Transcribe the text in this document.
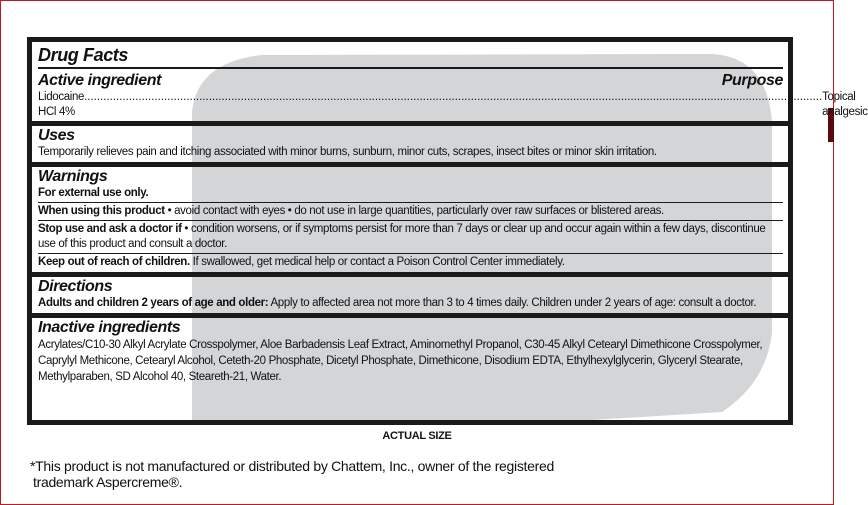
Drug Facts
Active ingredient	Purpose
Lidocaine HCl 4%
....................................................................................................................................................................................................................................... Topical analgesic
Uses
Temporarily relieves pain and itching associated with minor burns, sunburn, minor cuts, scrapes, insect bites or minor skin irritation.
Warnings
For external use only.
When using this product • avoid contact with eyes • do not use in large quantities, particularly over raw surfaces or blistered areas.
Stop use and ask a doctor if • condition worsens, or if symptoms persist for more than 7 days or clear up and occur again within a few days, discontinue use of this product and consult a doctor.
Keep out of reach of children. If swallowed, get medical help or contact a Poison Control Center immediately.
Directions
Adults and children 2 years of age and older: Apply to affected area not more than 3 to 4 times daily. Children under 2 years of age: consult a doctor.
Inactive ingredients
Acrylates/C10-30 Alkyl Acrylate Crosspolymer, Aloe Barbadensis Leaf Extract, Aminomethyl Propanol, C30-45 Alkyl Cetearyl Dimethicone Crosspolymer, Caprylyl Methicone, Cetearyl Alcohol, Ceteth-20 Phosphate, Dicetyl Phosphate, Dimethicone, Disodium EDTA, Ethylhexylglycerin, Glyceryl Stearate, Methylparaben, SD Alcohol 40, Steareth-21, Water.
ACTUAL SIZE
*This product is not manufactured or distributed by Chattem, Inc., owner of the registered
trademark Aspercreme®.
